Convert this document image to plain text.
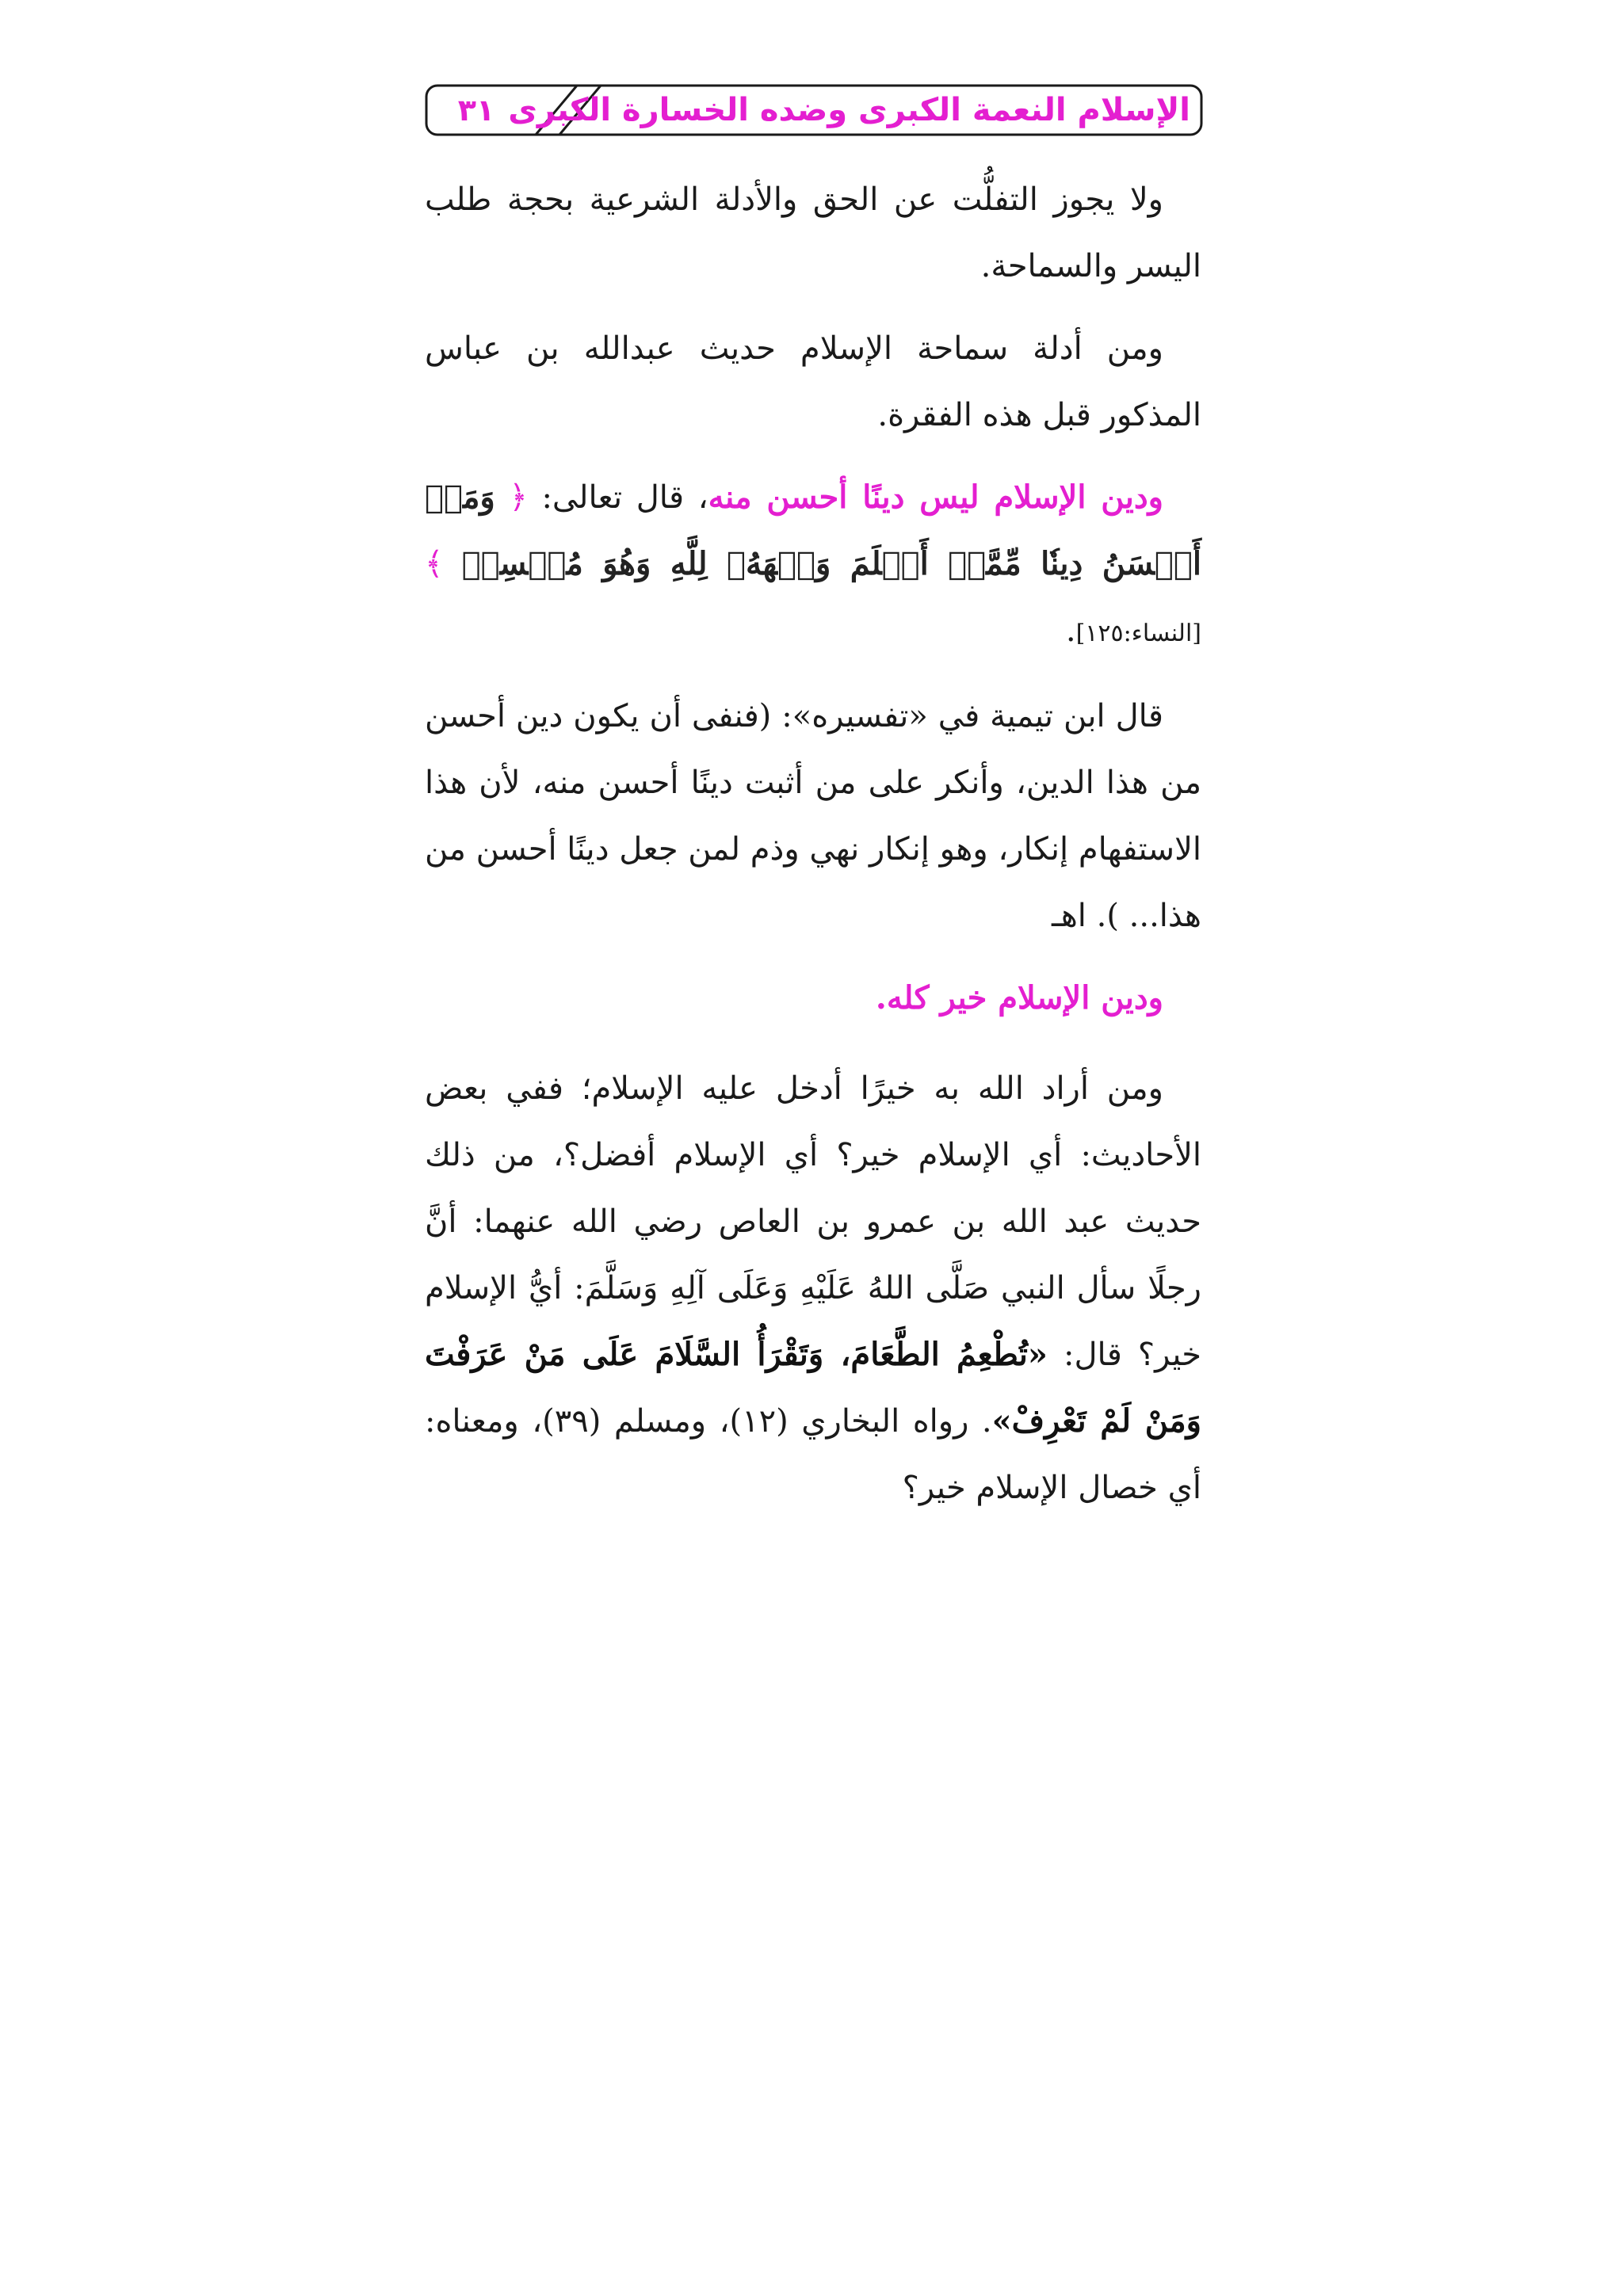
٣١ الإسلام النعمة الكبرى وضده الخسارة الكبرى

ولا يجوز التفلُّت عن الحق والأدلة الشرعية بحجة طلب اليسر والسماحة.

ومن أدلة سماحة الإسلام حديث عبدالله بن عباس المذكور قبل هذه الفقرة.

ودين الإسلام ليس دينًا أحسن منه، قال تعالى: ﴿ وَمَنۡ أَحۡسَنُ دِينٗا مِّمَّنۡ أَسۡلَمَ وَجۡهَهُۥ لِلَّهِ وَهُوَ مُحۡسِنٞ ﴾[النساء:١٢٥].

قال ابن تيمية في «تفسيره»: (فنفى أن يكون دين أحسن من هذا الدين، وأنكر على من أثبت دينًا أحسن منه، لأن هذا الاستفهام إنكار، وهو إنكار نهي وذم لمن جعل دينًا أحسن من هذا... ). اهـ

ودين الإسلام خير كله.

ومن أراد الله به خيرًا أدخل عليه الإسلام؛ ففي بعض الأحاديث: أي الإسلام خير؟ أي الإسلام أفضل؟، من ذلك حديث عبد الله بن عمرو بن العاص رضي الله عنهما: أنَّ رجلًا سأل النبي صَلَّى اللهُ عَلَيْهِ وَعَلَى آلِهِ وَسَلَّمَ: أيُّ الإسلام خير؟ قال: «تُطْعِمُ الطَّعَامَ، وَتَقْرَأُ السَّلَامَ عَلَى مَنْ عَرَفْتَ وَمَنْ لَمْ تَعْرِفْ». رواه البخاري (١٢)، ومسلم (٣٩)، ومعناه: أي خصال الإسلام خير؟
